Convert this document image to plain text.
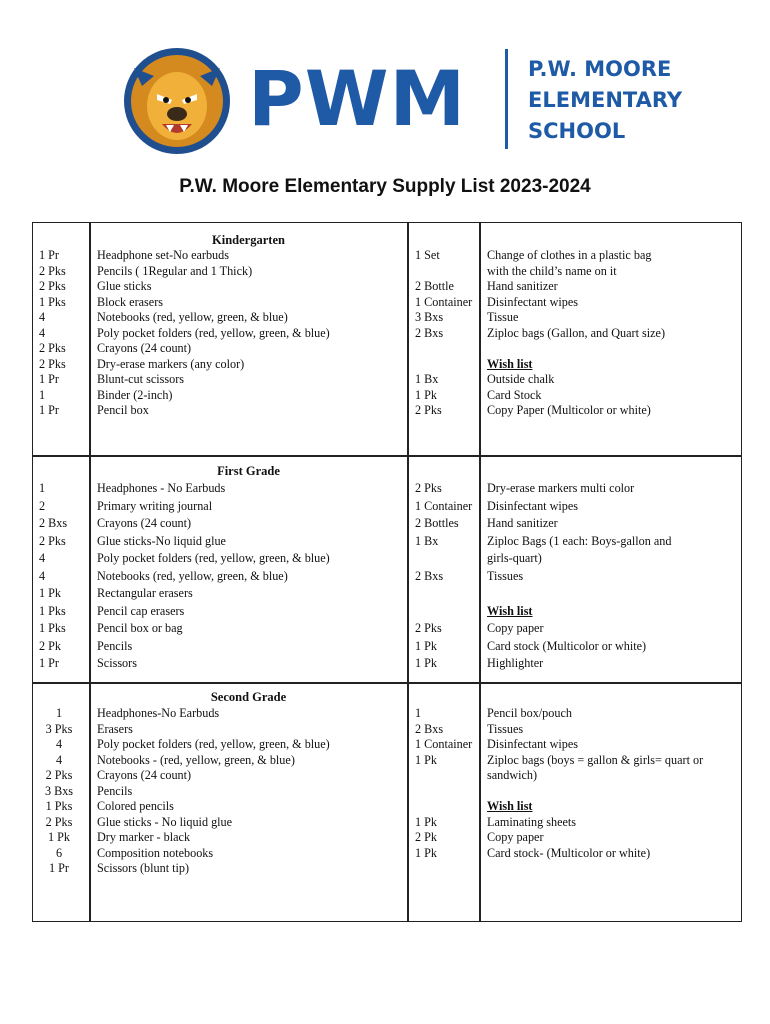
PWM	P.W. MOORE
ELEMENTARY
SCHOOL
P.W. Moore Elementary Supply List 2023-2024
Kindergarten
1 Pr
2 Pks
2 Pks
1 Pks
4
4
2 Pks
2 Pks
1 Pr
1
1 Pr
Headphone set-No earbuds
Pencils ( 1Regular and 1 Thick)
Glue sticks
Block erasers
Notebooks (red, yellow, green, & blue)
Poly pocket folders (red, yellow, green, & blue)
Crayons (24 count)
Dry-erase markers (any color)
Blunt-cut scissors
Binder (2-inch)
Pencil box
1 Set
2 Bottle
1 Container
3 Bxs
2 Bxs
1 Bx
1 Pk
2 Pks
Change of clothes in a plastic bag
with the child’s name on it
Hand sanitizer
Disinfectant wipes
Tissue
Ziploc bags (Gallon, and Quart size)
Wish list
Outside chalk
Card Stock
Copy Paper (Multicolor or white)
First Grade
1
2
2 Bxs
2 Pks
4
4
1 Pk
1 Pks
1 Pks
2 Pk
1 Pr
Headphones - No Earbuds
Primary writing journal
Crayons (24 count)
Glue sticks-No liquid glue
Poly pocket folders (red, yellow, green, & blue)
Notebooks (red, yellow, green, & blue)
Rectangular erasers
Pencil cap erasers
Pencil box or bag
Pencils
Scissors
2 Pks
1 Container
2 Bottles
1 Bx
2 Bxs
2 Pks
1 Pk
1 Pk
Dry-erase markers multi color
Disinfectant wipes
Hand sanitizer
Ziploc Bags (1 each: Boys-gallon and
girls-quart)
Tissues
Wish list
Copy paper
Card stock (Multicolor or white)
Highlighter
Second Grade
1
3 Pks
4
4
2 Pks
3 Bxs
1 Pks
2 Pks
1 Pk
6
1 Pr
Headphones-No Earbuds
Erasers
Poly pocket folders (red, yellow, green, & blue)
Notebooks - (red, yellow, green, & blue)
Crayons (24 count)
Pencils
Colored pencils
Glue sticks - No liquid glue
Dry marker - black
Composition notebooks
Scissors (blunt tip)
1
2 Bxs
1 Container
1 Pk
1 Pk
2 Pk
1 Pk
Pencil box/pouch
Tissues
Disinfectant wipes
Ziploc bags (boys = gallon & girls= quart or
sandwich)
Wish list
Laminating sheets
Copy paper
Card stock- (Multicolor or white)
